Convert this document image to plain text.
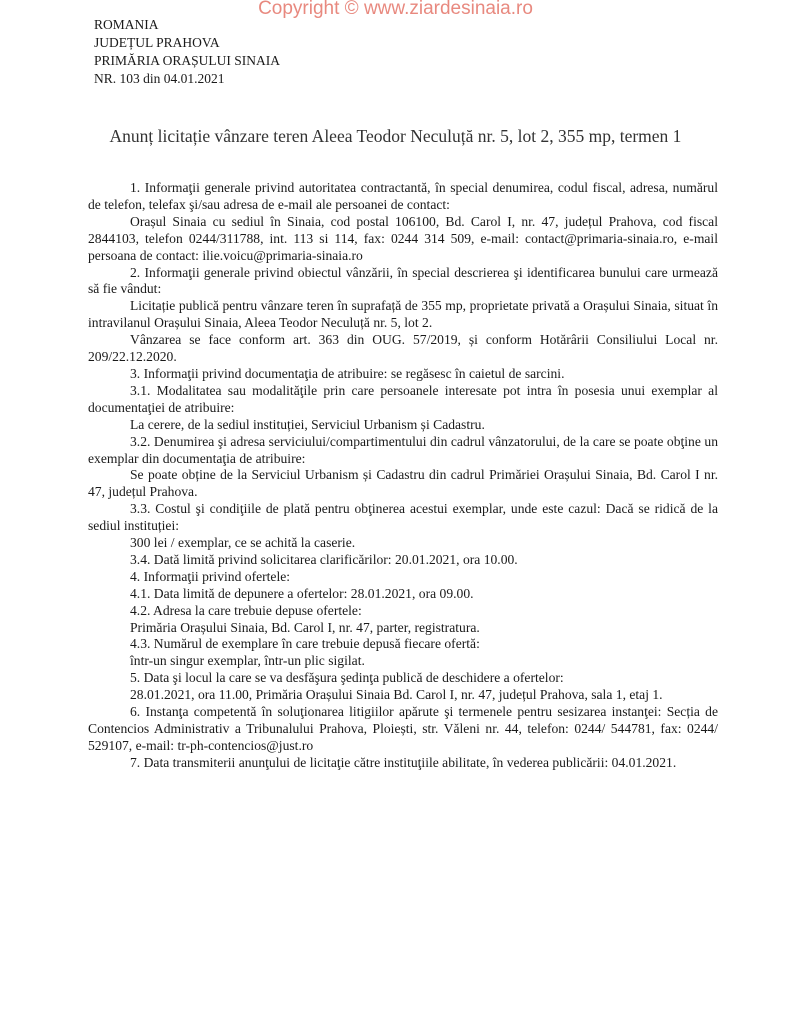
Copyright © www.ziardesinaia.ro
ROMANIA
JUDEȚUL PRAHOVA
PRIMĂRIA ORAȘULUI SINAIA
NR. 103 din 04.01.2021
Anunț licitație vânzare teren Aleea Teodor Neculuță nr. 5, lot 2, 355 mp, termen 1

1. Informaţii generale privind autoritatea contractantă, în special denumirea, codul fiscal, adresa, numărul de telefon, telefax şi/sau adresa de e-mail ale persoanei de contact:

Orașul Sinaia cu sediul în Sinaia, cod postal 106100, Bd. Carol I, nr. 47, județul Prahova, cod fiscal 2844103, telefon 0244/311788, int. 113 si 114, fax: 0244 314 509, e-mail: contact@primaria-sinaia.ro, e-mail persoana de contact: ilie.voicu@primaria-sinaia.ro

2. Informaţii generale privind obiectul vânzării, în special descrierea şi identificarea bunului care urmează să fie vândut:

Licitație publică pentru vânzare teren în suprafață de 355 mp, proprietate privată a Orașului Sinaia, situat în intravilanul Orașului Sinaia, Aleea Teodor Neculuță nr. 5, lot 2.

Vânzarea se face conform art. 363 din OUG. 57/2019, și conform Hotărârii Consiliului Local nr. 209/22.12.2020.

3. Informaţii privind documentaţia de atribuire: se regăsesc în caietul de sarcini.

3.1. Modalitatea sau modalităţile prin care persoanele interesate pot intra în posesia unui exemplar al documentaţiei de atribuire:

La cerere, de la sediul instituției, Serviciul Urbanism și Cadastru.

3.2. Denumirea şi adresa serviciului/compartimentului din cadrul vânzatorului, de la care se poate obţine un exemplar din documentaţia de atribuire:

Se poate obține de la Serviciul Urbanism și Cadastru din cadrul Primăriei Orașului Sinaia, Bd. Carol I nr. 47, județul Prahova.

3.3. Costul şi condiţiile de plată pentru obţinerea acestui exemplar, unde este cazul: Dacă se ridică de la sediul instituției:

300 lei / exemplar, ce se achită la caserie.

3.4. Dată limită privind solicitarea clarificărilor: 20.01.2021, ora 10.00.

4. Informaţii privind ofertele:

4.1. Data limită de depunere a ofertelor: 28.01.2021, ora 09.00.

4.2. Adresa la care trebuie depuse ofertele:

Primăria Orașului Sinaia, Bd. Carol I, nr. 47, parter, registratura.

4.3. Numărul de exemplare în care trebuie depusă fiecare ofertă:

într-un singur exemplar, într-un plic sigilat.

5. Data şi locul la care se va desfăşura şedinţa publică de deschidere a ofertelor:

28.01.2021, ora 11.00, Primăria Orașului Sinaia Bd. Carol I, nr. 47, județul Prahova, sala 1, etaj 1.

6. Instanţa competentă în soluţionarea litigiilor apărute şi termenele pentru sesizarea instanţei: Secția de Contencios Administrativ a Tribunalului Prahova, Ploiești, str. Văleni nr. 44, telefon: 0244/ 544781, fax: 0244/ 529107, e-mail: tr-ph-contencios@just.ro

7. Data transmiterii anunţului de licitaţie către instituţiile abilitate, în vederea publicării: 04.01.2021.
